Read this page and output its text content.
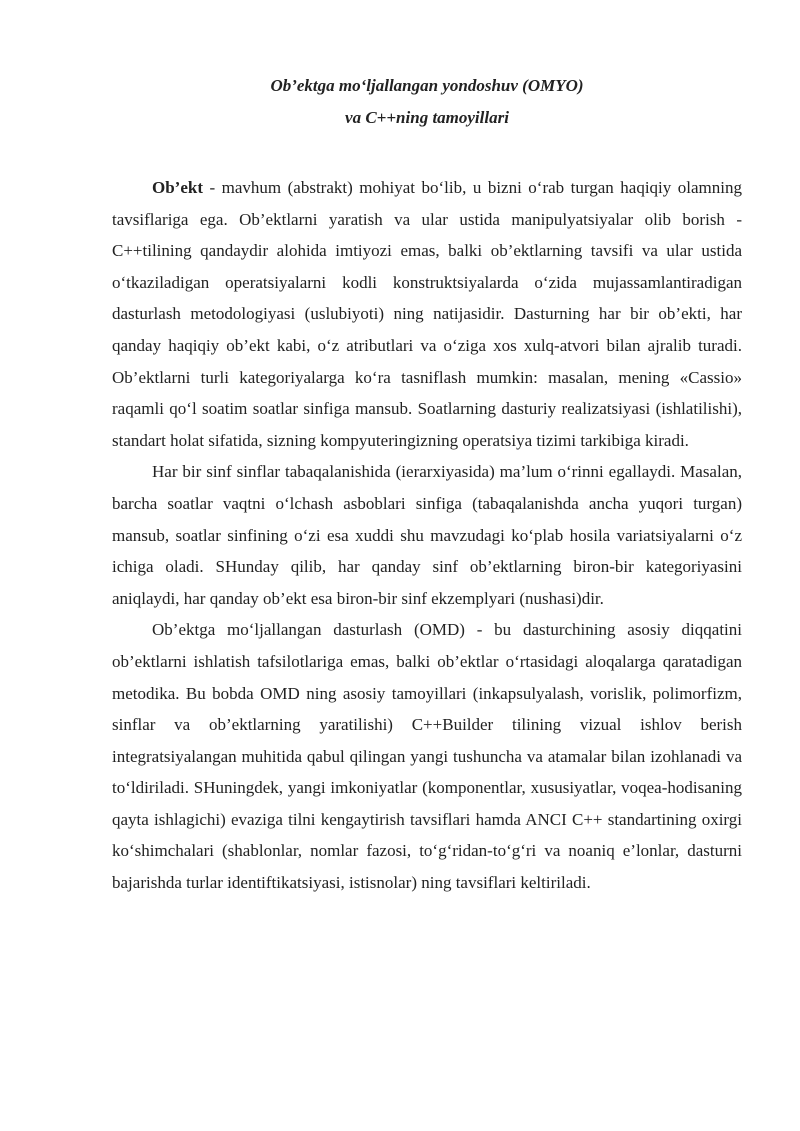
Ob’ektga mo‘ljallangan yondoshuv (OMYO)

va C++ning tamoyillari

Ob’ekt - mavhum (abstrakt) mohiyat bo‘lib, u bizni o‘rab turgan haqiqiy olamning tavsiflariga ega. Ob’ektlarni yaratish va ular ustida manipulyatsiyalar olib borish - C++tilining qandaydir alohida imtiyozi emas, balki ob’ektlarning tavsifi va ular ustida o‘tkaziladigan operatsiyalarni kodli konstruktsiyalarda o‘zida mujassamlantiradigan dasturlash metodologiyasi (uslubiyoti) ning natijasidir. Dasturning har bir ob’ekti, har qanday haqiqiy ob’ekt kabi, o‘z atributlari va o‘ziga xos xulq-atvori bilan ajralib turadi. Ob’ektlarni turli kategoriyalarga ko‘ra tasniflash mumkin: masalan, mening «Cassio» raqamli qo‘l soatim soatlar sinfiga mansub. Soatlarning dasturiy realizatsiyasi (ishlatilishi), standart holat sifatida, sizning kompyuteringizning operatsiya tizimi tarkibiga kiradi.

Har bir sinf sinflar tabaqalanishida (ierarxiyasida) ma’lum o‘rinni egallaydi. Masalan, barcha soatlar vaqtni o‘lchash asboblari sinfiga (tabaqalanishda ancha yuqori turgan) mansub, soatlar sinfining o‘zi esa xuddi shu mavzudagi ko‘plab hosila variatsiyalarni o‘z ichiga oladi. SHunday qilib, har qanday sinf ob’ektlarning biron-bir kategoriyasini aniqlaydi, har qanday ob’ekt esa biron-bir sinf ekzemplyari (nushasi)dir.

Ob’ektga mo‘ljallangan dasturlash (OMD) - bu dasturchining asosiy diqqatini ob’ektlarni ishlatish tafsilotlariga emas, balki ob’ektlar o‘rtasidagi aloqalarga qaratadigan metodika. Bu bobda OMD ning asosiy tamoyillari (inkapsulyalash, vorislik, polimorfizm, sinflar va ob’ektlarning yaratilishi) C++Builder tilining vizual ishlov berish integratsiyalangan muhitida qabul qilingan yangi tushuncha va atamalar bilan izohlanadi va to‘ldiriladi. SHuningdek, yangi imkoniyatlar (komponentlar, xususiyatlar, voqea-hodisaning qayta ishlagichi) evaziga tilni kengaytirish tavsiflari hamda ANCI C++ standartining oxirgi ko‘shimchalari (shablonlar, nomlar fazosi, to‘g‘ridan-to‘g‘ri va noaniq e’lonlar, dasturni bajarishda turlar identiftikatsiyasi, istisnolar) ning tavsiflari keltiriladi.
